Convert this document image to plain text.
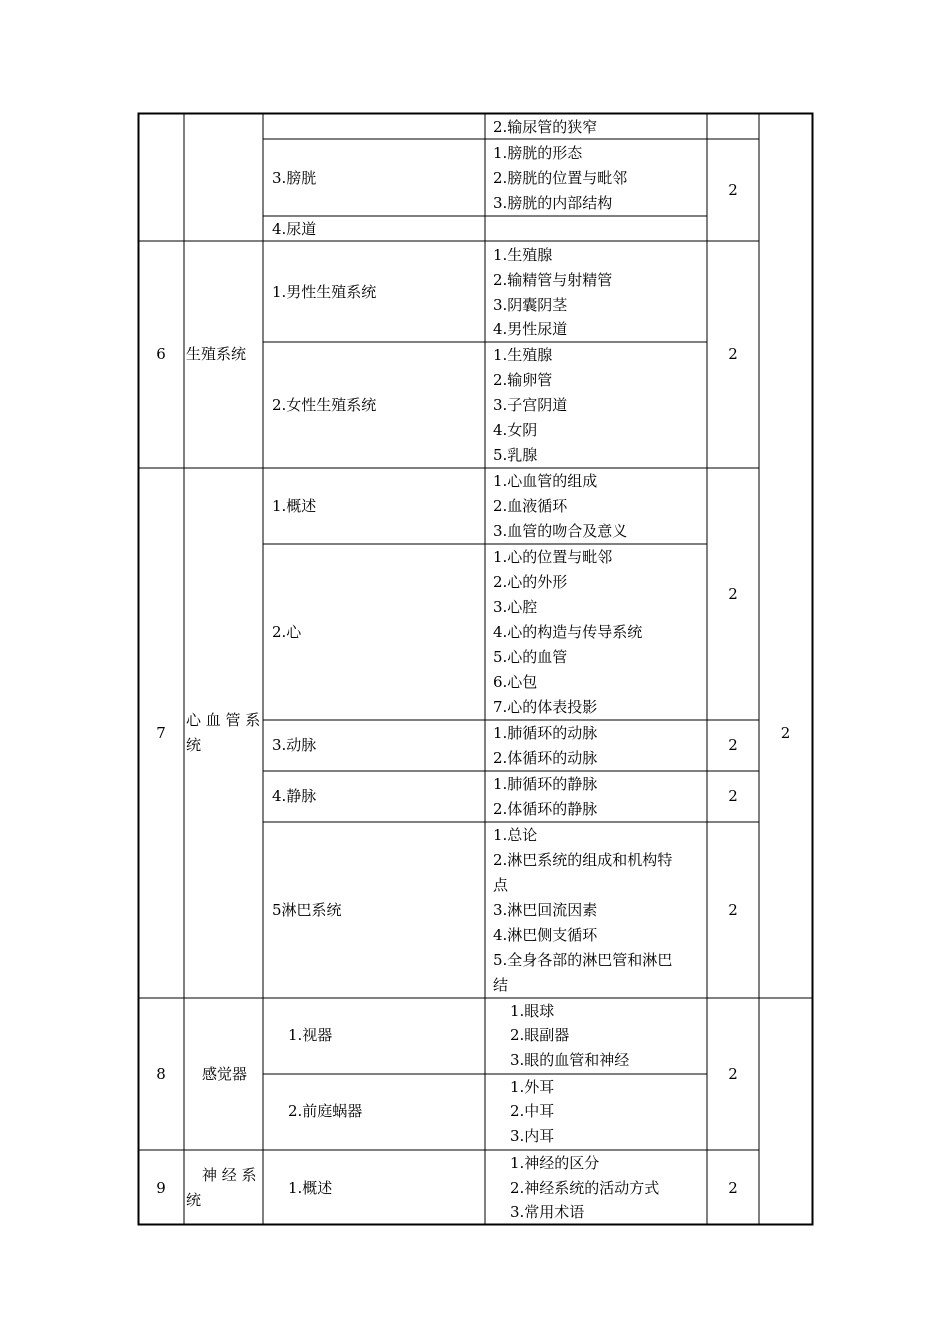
2.输尿管的狭窄
3.膀胱
1.膀胱的形态
2.膀胱的位置与毗邻
3.膀胱的内部结构
2
4.尿道
6	生殖系统
1.男性生殖系统
1.生殖腺
2.输精管与射精管
3.阴囊阴茎
4.男性尿道
2.女性生殖系统
1.生殖腺
2.输卵管
3.子宫阴道
4.女阴
5.乳腺
2
7
心 血 管 系
统
1.概述
1.心血管的组成
2.血液循环
3.血管的吻合及意义
2.心
1.心的位置与毗邻
2.心的外形
3.心腔
4.心的构造与传导系统
5.心的血管
6.心包
7.心的体表投影
2
3.动脉
1.肺循环的动脉
2.体循环的动脉
2
4.静脉
1.肺循环的静脉
2.体循环的静脉
2
5淋巴系统
1.总论
2.淋巴系统的组成和机构特
点
3.淋巴回流因素
4.淋巴侧支循环
5.全身各部的淋巴管和淋巴
结
2
2
8	感觉器
1.视器
1.眼球
2.眼副器
3.眼的血管和神经
2.前庭蜗器
1.外耳
2.中耳
3.内耳
2
9
神 经 系
统
1.概述
1.神经的区分
2.神经系统的活动方式
3.常用术语
2
